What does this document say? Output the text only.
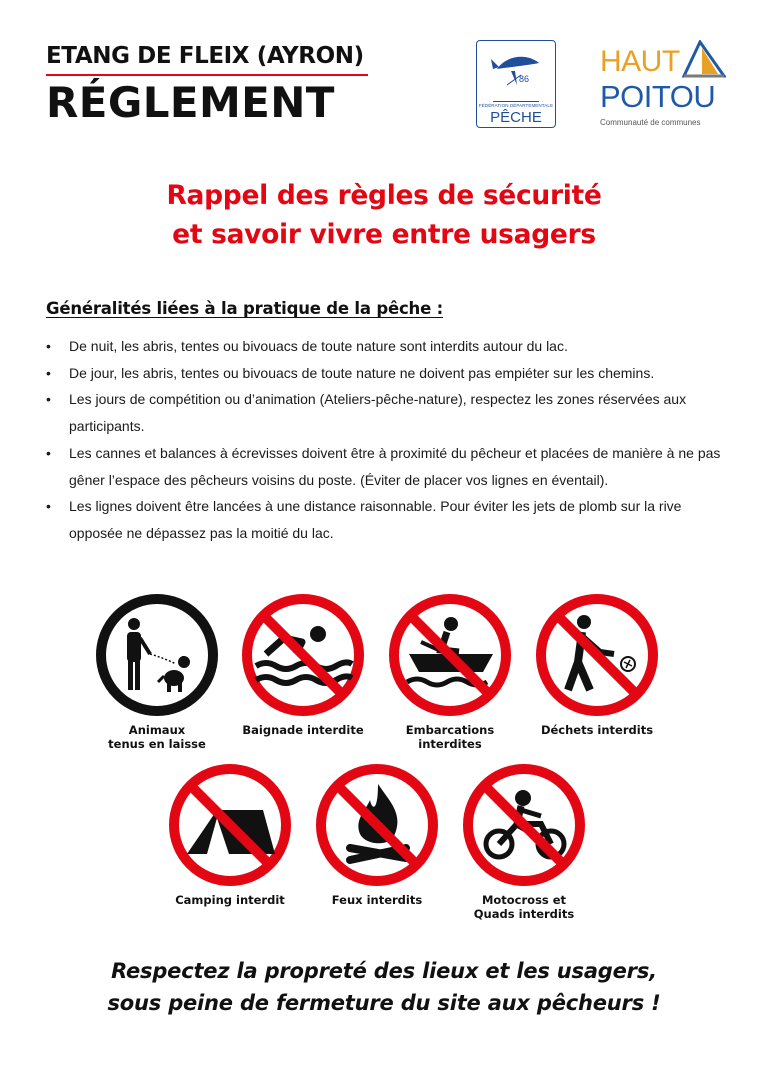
ETANG DE FLEIX (AYRON)
RÉGLEMENT	86
FÉDÉRATION DÉPARTEMENTALE
PÊCHE
HAUT
POITOU
Communauté de communes
Rappel des règles de sécurité
et savoir vivre entre usagers
Généralités liées à la pratique de la pêche :
• De nuit, les abris, tentes ou bivouacs de toute nature sont interdits autour du lac.
• De jour, les abris, tentes ou bivouacs de toute nature ne doivent pas empiéter sur les chemins.
• Les jours de compétition ou d’animation (Ateliers-pêche-nature), respectez les zones réservées aux participants.
• Les cannes et balances à écrevisses doivent être à proximité du pêcheur et placées de manière à ne pas gêner l’espace des pêcheurs voisins du poste. (Éviter de placer vos lignes en éventail).
• Les lignes doivent être lancées à une distance raisonnable. Pour éviter les jets de plomb sur la rive opposée ne dépassez pas la moitié du lac.
Animaux
tenus en laisse
Baignade interdite	Embarcations
interdites
Déchets interdits
Camping interdit	Feux interdits	Motocross et
Quads interdits
Respectez la propreté des lieux et les usagers,
sous peine de fermeture du site aux pêcheurs !
